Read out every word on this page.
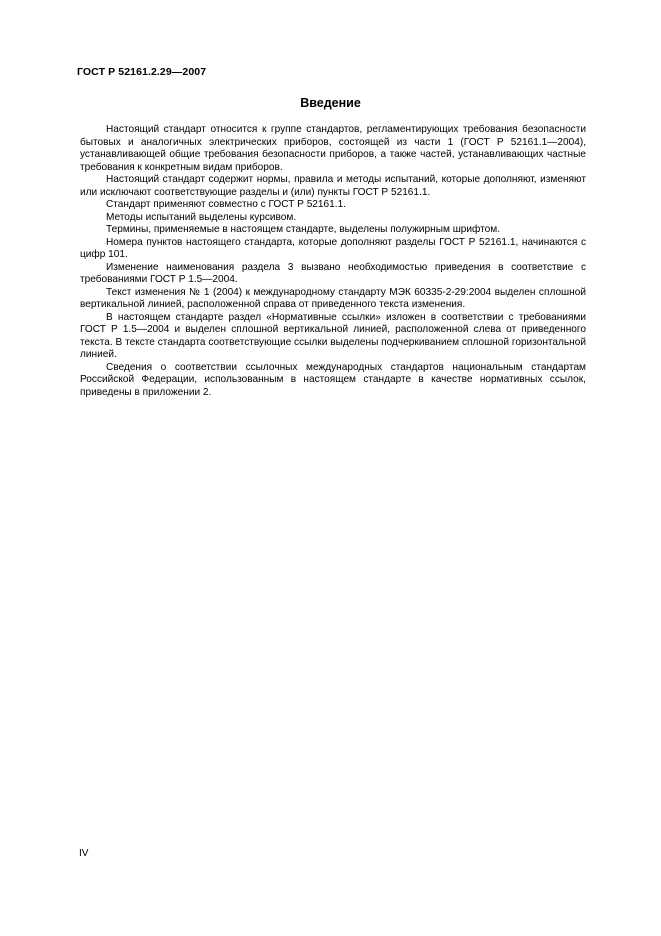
ГОСТ Р 52161.2.29—2007
Введение

Настоящий стандарт относится к группе стандартов, регламентирующих требования безопасности бытовых и аналогичных электрических приборов, состоящей из части 1 (ГОСТ Р 52161.1—2004), устанавливающей общие требования безопасности приборов, а также частей, устанавливающих частные требования к конкретным видам приборов.

Настоящий стандарт содержит нормы, правила и методы испытаний, которые дополняют, изменяют или исключают соответствующие разделы и (или) пункты ГОСТ Р 52161.1.

Стандарт применяют совместно с ГОСТ Р 52161.1.

Методы испытаний выделены курсивом.

Термины, применяемые в настоящем стандарте, выделены полужирным шрифтом.

Номера пунктов настоящего стандарта, которые дополняют разделы ГОСТ Р 52161.1, начинаются с цифр 101.

Изменение наименования раздела 3 вызвано необходимостью приведения в соответствие с требованиями ГОСТ Р 1.5—2004.

Текст изменения № 1 (2004) к международному стандарту МЭК 60335-2-29:2004 выделен сплошной вертикальной линией, расположенной справа от приведенного текста изменения.

В настоящем стандарте раздел «Нормативные ссылки» изложен в соответствии с требованиями ГОСТ Р 1.5—2004 и выделен сплошной вертикальной линией, расположенной слева от приведенного текста. В тексте стандарта соответствующие ссылки выделены подчеркиванием сплошной горизонтальной линией.

Сведения о соответствии ссылочных международных стандартов национальным стандартам Российской Федерации, использованным в настоящем стандарте в качестве нормативных ссылок, приведены в приложении 2.

IV
